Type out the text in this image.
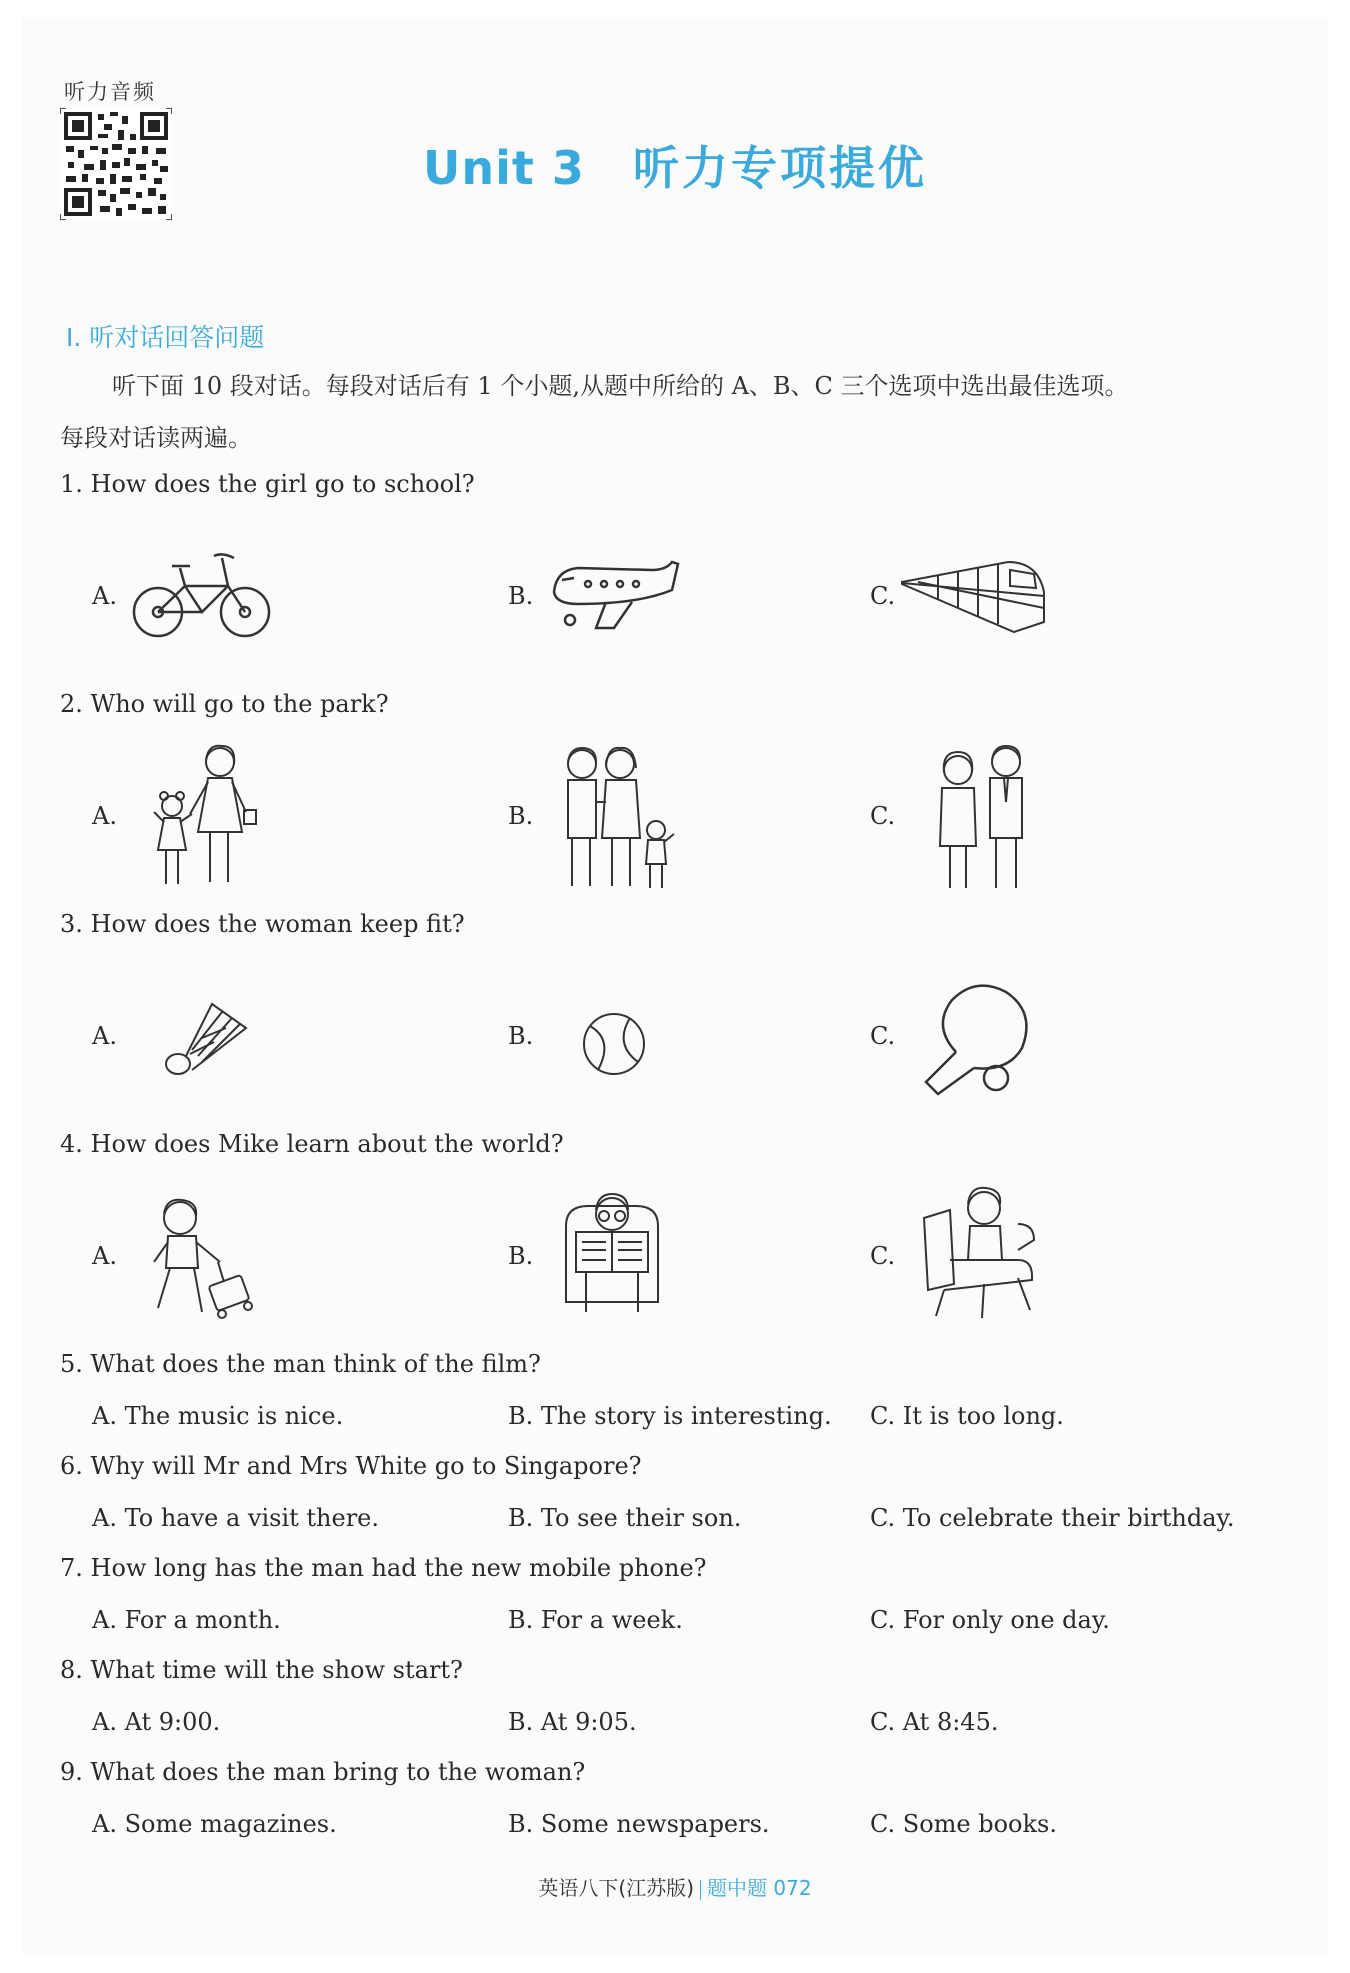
听力音频
Unit 3 听力专项提优
Ⅰ. 听对话回答问题
听下面 10 段对话。每段对话后有 1 个小题,从题中所给的 A、B、C 三个选项中选出最佳选项。
每段对话读两遍。
1. How does the girl go to school?
A.	B.	C.
2. Who will go to the park?
A.	B.	C.
3. How does the woman keep fit?
A.	B.	C.
4. How does Mike learn about the world?
A.	B.	C.
5. What does the man think of the film?
A. The music is nice.	B. The story is interesting. C. It is too long.
6. Why will Mr and Mrs White go to Singapore?
A. To have a visit there.	B. To see their son.	C. To celebrate their birthday.
7. How long has the man had the new mobile phone?
A. For a month.	B. For a week.	C. For only one day.
8. What time will the show start?
A. At 9:00.	B. At 9:05.	C. At 8:45.
9. What does the man bring to the woman?
A. Some magazines.	B. Some newspapers.	C. Some books.
英语八下(江苏版) 题中题 072
